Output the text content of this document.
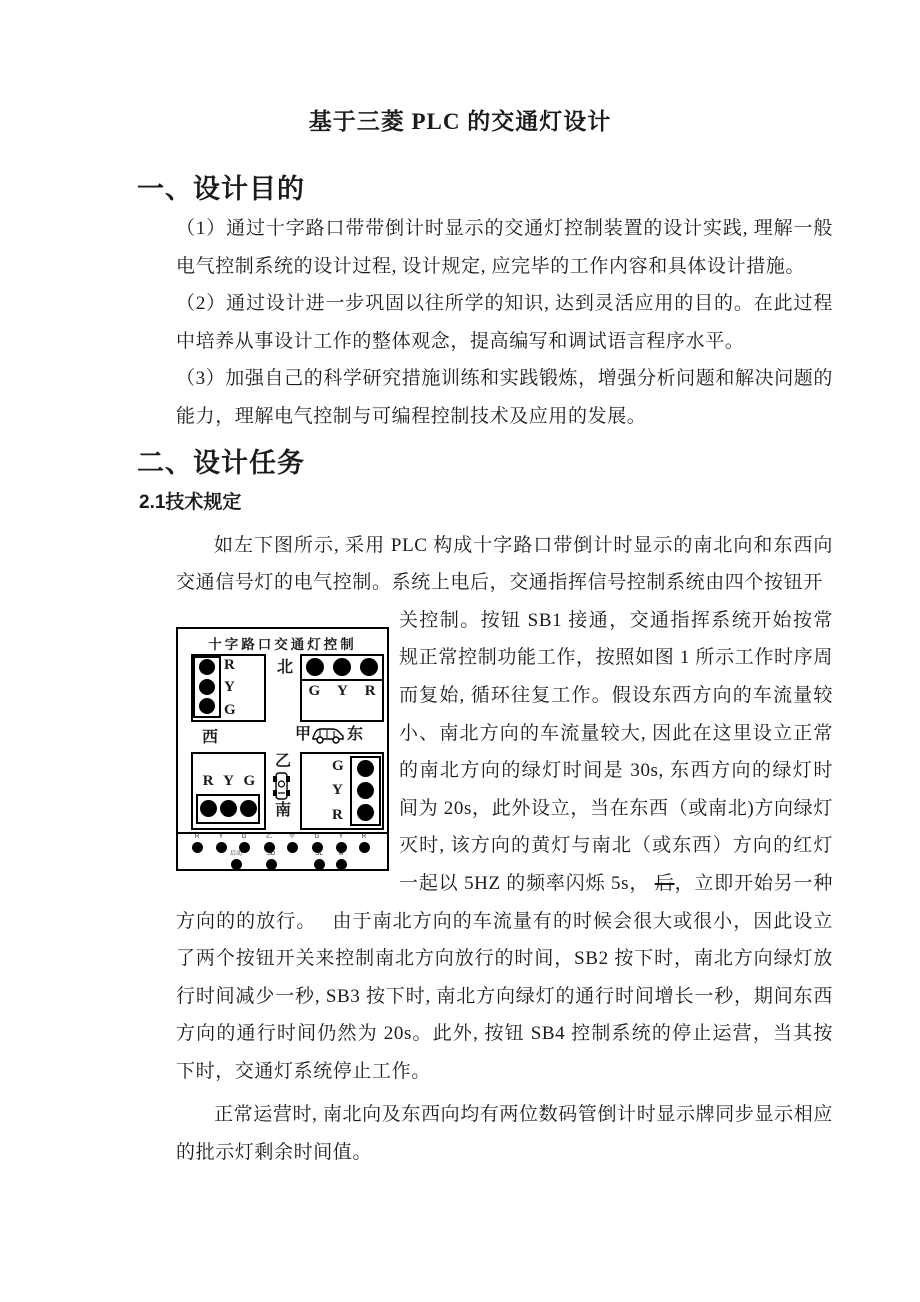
基于三菱 PLC 的交通灯设计
一、设计目的

（1）通过十字路口带带倒计时显示的交通灯控制装置的设计实践, 理解一般电气控制系统的设计过程, 设计规定, 应完毕的工作内容和具体设计措施。

（2）通过设计进一步巩固以往所学的知识, 达到灵活应用的目的。在此过程中培养从事设计工作的整体观念，提高编写和调试语言程序水平。

（3）加强自己的科学研究措施训练和实践锻炼，增强分析问题和解决问题的能力，理解电气控制与可编程控制技术及应用的发展。

二、设计任务
2.1技术规定

如左下图所示, 采用 PLC 构成十字路口带倒计时显示的南北向和东西向交通信号灯的电气控制。系统上电后，交通指挥信号控制系统由四个按钮开

十字路口交通灯控制
R
Y
G
G Y R
北
西	甲 东
乙
南
R Y G
G
Y
R
R	Y	G	乙	甲	G	Y	R
启动	SD	SL	M

关控制。按钮 SB1 接通，交通指挥系统开始按常规正常控制功能工作，按照如图 1 所示工作时序周而复始, 循环往复工作。假设东西方向的车流量较小、南北方向的车流量较大, 因此在这里设立正常的南北方向的绿灯时间是 30s, 东西方向的绿灯时间为 20s，此外设立，当在东西（或南北)方向绿灯灭时, 该方向的黄灯与南北（或东西）方向的红灯一起以 5HZ 的频率闪烁 5s， 后，立即开始另一种方向的的放行。　 由于南北方向的车流量有的时候会很大或很小，因此设立了两个按钮开关来控制南北方向放行的时间，SB2 按下时，南北方向绿灯放行时间减少一秒, SB3 按下时, 南北方向绿灯的通行时间增长一秒，期间东西方向的通行时间仍然为 20s。此外, 按钮 SB4 控制系统的停止运营，当其按下时，交通灯系统停止工作。

正常运营时, 南北向及东西向均有两位数码管倒计时显示牌同步显示相应的批示灯剩余时间值。
